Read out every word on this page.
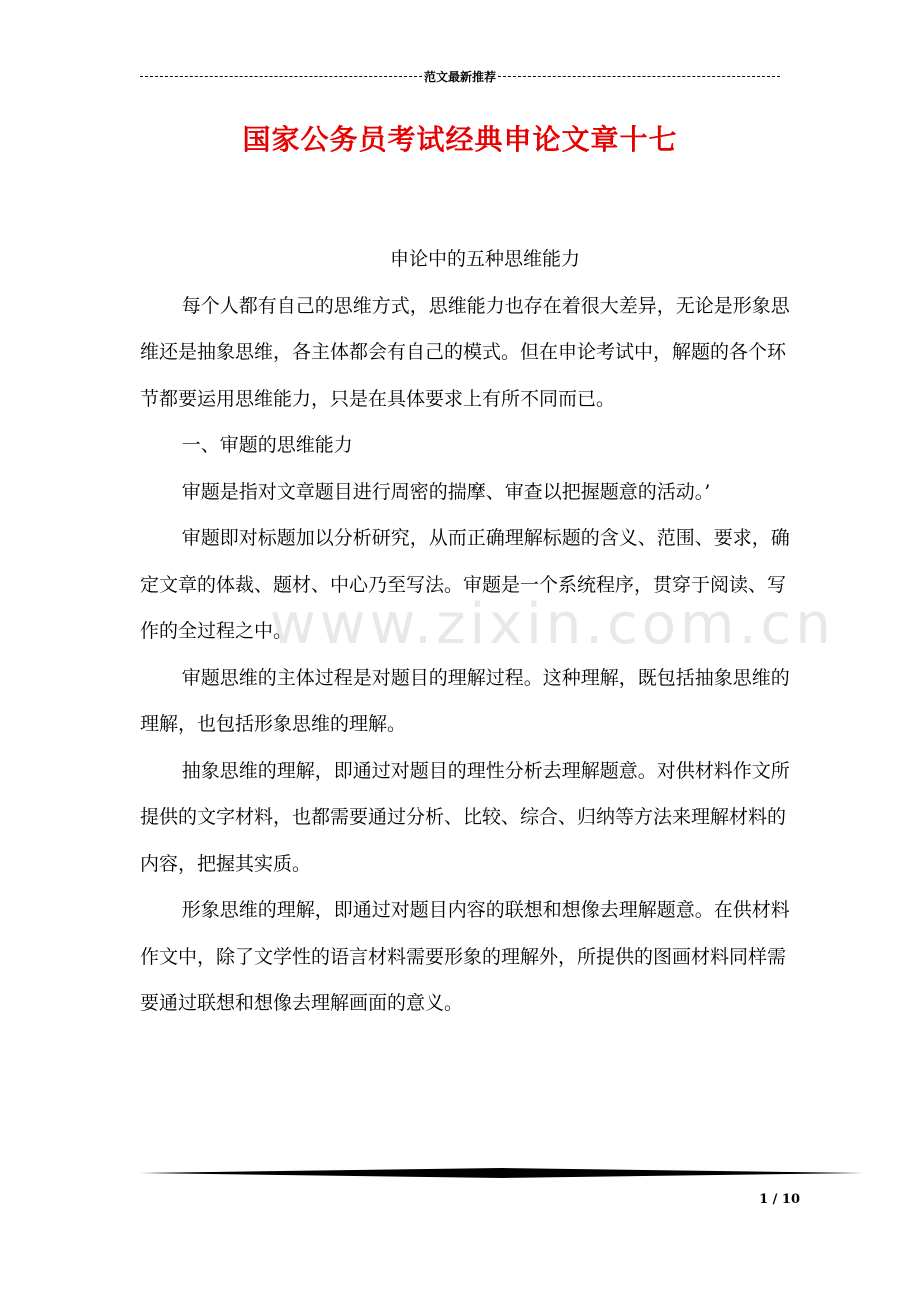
范文最新推荐
国家公务员考试经典申论文章十七
www.zixin.com.cn

申论中的五种思维能力

每个人都有自己的思维方式，思维能力也存在着很大差异，无论是形象思维还是抽象思维，各主体都会有自己的模式。但在申论考试中，解题的各个环节都要运用思维能力，只是在具体要求上有所不同而已。

一、审题的思维能力

审题是指对文章题目进行周密的揣摩、审查以把握题意的活动。’

审题即对标题加以分析研究，从而正确理解标题的含义、范围、要求，确定文章的体裁、题材、中心乃至写法。审题是一个系统程序，贯穿于阅读、写作的全过程之中。

审题思维的主体过程是对题目的理解过程。这种理解，既包括抽象思维的理解，也包括形象思维的理解。

抽象思维的理解，即通过对题目的理性分析去理解题意。对供材料作文所提供的文字材料，也都需要通过分析、比较、综合、归纳等方法来理解材料的内容，把握其实质。

形象思维的理解，即通过对题目内容的联想和想像去理解题意。在供材料作文中，除了文学性的语言材料需要形象的理解外，所提供的图画材料同样需要通过联想和想像去理解画面的意义。

1 / 10
